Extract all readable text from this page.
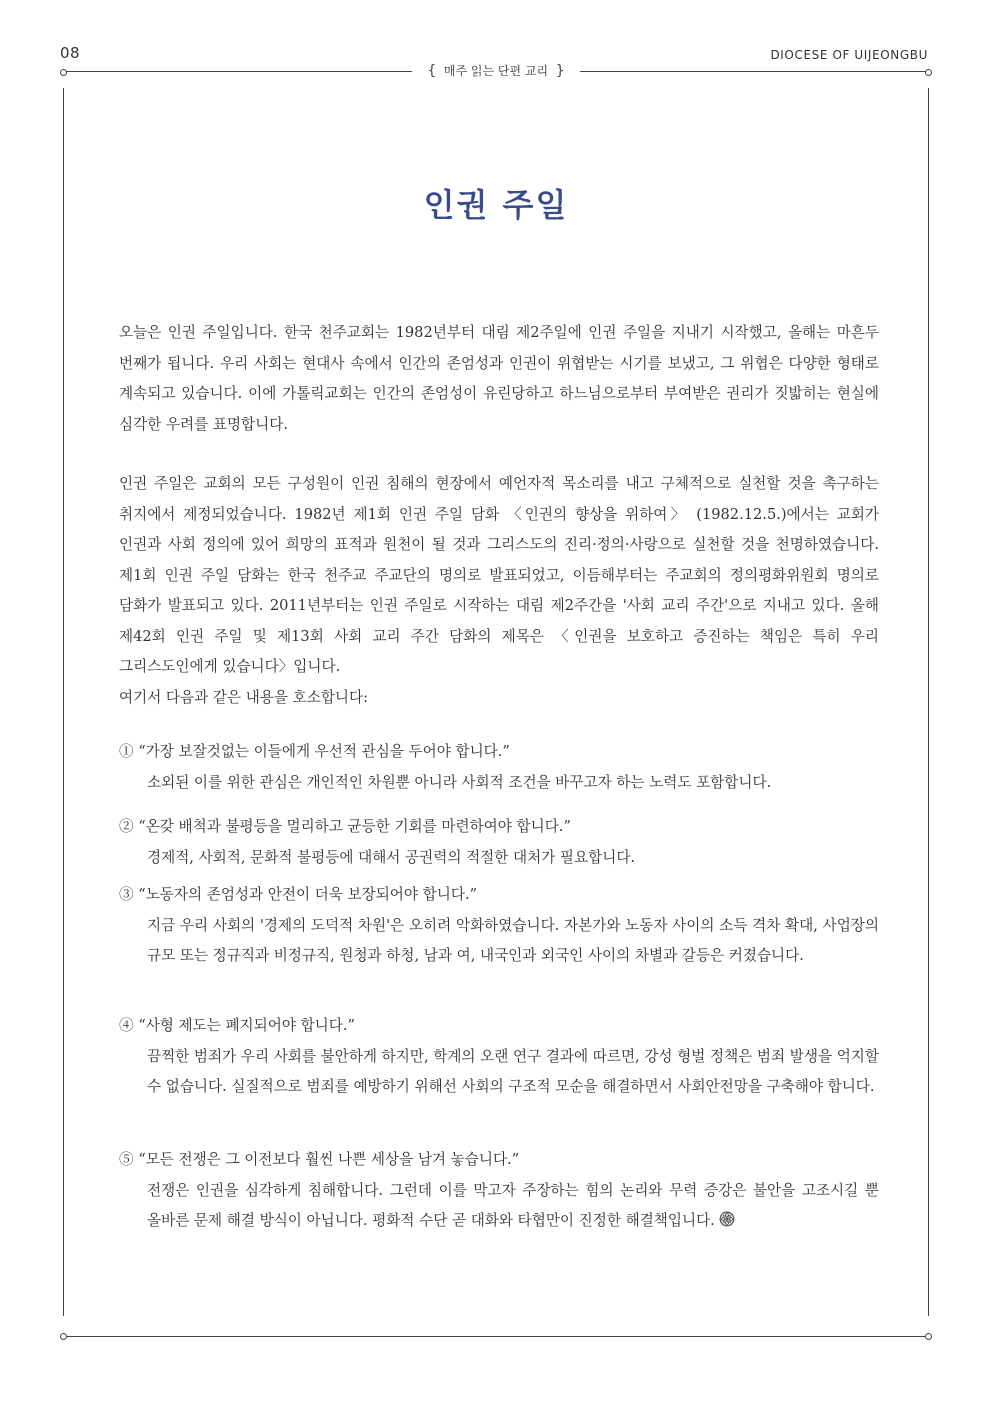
08	DIOCESE OF UIJEONGBU
{ 매주 읽는 단편 교리 }
인권 주일
오늘은 인권 주일입니다. 한국 천주교회는 1982년부터 대림 제2주일에 인권 주일을 지내기 시작했고, 올해는 마흔두 번째가 됩니다. 우리 사회는 현대사 속에서 인간의 존엄성과 인권이 위협받는 시기를 보냈고, 그 위협은 다양한 형태로 계속되고 있습니다. 이에 가톨릭교회는 인간의 존엄성이 유린당하고 하느님으로부터 부여받은 권리가 짓밟히는 현실에 심각한 우려를 표명합니다.
인권 주일은 교회의 모든 구성원이 인권 침해의 현장에서 예언자적 목소리를 내고 구체적으로 실천할 것을 촉구하는 취지에서 제정되었습니다. 1982년 제1회 인권 주일 담화 〈인권의 향상을 위하여〉 (1982.12.5.)에서는 교회가 인권과 사회 정의에 있어 희망의 표적과 원천이 될 것과 그리스도의 진리·정의·사랑으로 실천할 것을 천명하였습니다. 제1회 인권 주일 담화는 한국 천주교 주교단의 명의로 발표되었고, 이듬해부터는 주교회의 정의평화위원회 명의로 담화가 발표되고 있다. 2011년부터는 인권 주일로 시작하는 대림 제2주간을 '사회 교리 주간'으로 지내고 있다. 올해 제42회 인권 주일 및 제13회 사회 교리 주간 담화의 제목은 〈인권을 보호하고 증진하는 책임은 특히 우리 그리스도인에게 있습니다〉입니다.
여기서 다음과 같은 내용을 호소합니다:
① “가장 보잘것없는 이들에게 우선적 관심을 두어야 합니다.”
소외된 이를 위한 관심은 개인적인 차원뿐 아니라 사회적 조건을 바꾸고자 하는 노력도 포함합니다.
② “온갖 배척과 불평등을 멀리하고 균등한 기회를 마련하여야 합니다.”
경제적, 사회적, 문화적 불평등에 대해서 공권력의 적절한 대처가 필요합니다.
③ “노동자의 존엄성과 안전이 더욱 보장되어야 합니다.”
지금 우리 사회의 '경제의 도덕적 차원'은 오히려 악화하였습니다. 자본가와 노동자 사이의 소득 격차 확대, 사업장의 규모 또는 정규직과 비정규직, 원청과 하청, 남과 여, 내국인과 외국인 사이의 차별과 갈등은 커졌습니다.
④ “사형 제도는 폐지되어야 합니다.”
끔찍한 범죄가 우리 사회를 불안하게 하지만, 학계의 오랜 연구 결과에 따르면, 강성 형벌 정책은 범죄 발생을 억지할 수 없습니다. 실질적으로 범죄를 예방하기 위해선 사회의 구조적 모순을 해결하면서 사회안전망을 구축해야 합니다.
⑤ “모든 전쟁은 그 이전보다 훨씬 나쁜 세상을 남겨 놓습니다.”
전쟁은 인권을 심각하게 침해합니다. 그런데 이를 막고자 주장하는 힘의 논리와 무력 증강은 불안을 고조시길 뿐 올바른 문제 해결 방식이 아닙니다. 평화적 수단 곧 대화와 타협만이 진정한 해결책입니다.
